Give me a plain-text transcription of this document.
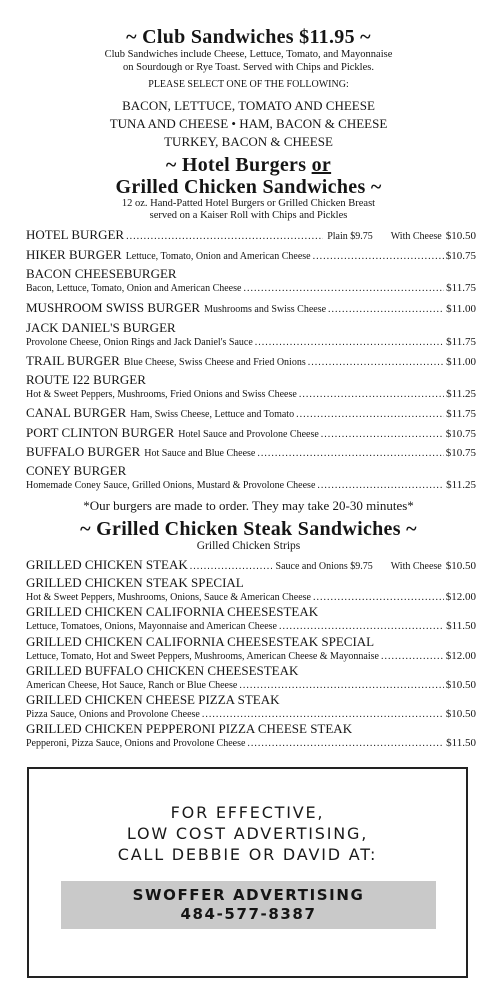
~ Club Sandwiches $11.95 ~
Club Sandwiches include Cheese, Lettuce, Tomato, and Mayonnaise
on Sourdough or Rye Toast. Served with Chips and Pickles.
PLEASE SELECT ONE OF THE FOLLOWING:
BACON, LETTUCE, TOMATO AND CHEESE
TUNA AND CHEESE • HAM, BACON & CHEESE
TURKEY, BACON & CHEESE
~ Hotel Burgers or
Grilled Chicken Sandwiches ~
12 oz. Hand-Patted Hotel Burgers or Grilled Chicken Breast
served on a Kaiser Roll with Chips and Pickles
HOTEL BURGER .....	Plain $9.75 With Cheese $10.50
HIKER BURGER Lettuce, Tomato, Onion and American Cheese .....	$10.75
BACON CHEESEBURGER
Bacon, Lettuce, Tomato, Onion and American Cheese .....	$11.75
MUSHROOM SWISS BURGER Mushrooms and Swiss Cheese .....	$11.00
JACK DANIEL'S BURGER
Provolone Cheese, Onion Rings and Jack Daniel's Sauce .....	$11.75
TRAIL BURGER Blue Cheese, Swiss Cheese and Fried Onions .....	$11.00
ROUTE I22 BURGER
Hot & Sweet Peppers, Mushrooms, Fried Onions and Swiss Cheese .....	$11.25
CANAL BURGER Ham, Swiss Cheese, Lettuce and Tomato .....	$11.75
PORT CLINTON BURGER Hotel Sauce and Provolone Cheese .....	$10.75
BUFFALO BURGER Hot Sauce and Blue Cheese .....	$10.75
CONEY BURGER
Homemade Coney Sauce, Grilled Onions, Mustard & Provolone Cheese .....	$11.25
*Our burgers are made to order. They may take 20-30 minutes*
~ Grilled Chicken Steak Sandwiches ~
Grilled Chicken Strips
GRILLED CHICKEN STEAK .....	Sauce and Onions $9.75 With Cheese $10.50
GRILLED CHICKEN STEAK SPECIAL
Hot & Sweet Peppers, Mushrooms, Onions, Sauce & American Cheese .....	$12.00
GRILLED CHICKEN CALIFORNIA CHEESESTEAK
Lettuce, Tomatoes, Onions, Mayonnaise and American Cheese .....	$11.50
GRILLED CHICKEN CALIFORNIA CHEESESTEAK SPECIAL
Lettuce, Tomato, Hot and Sweet Peppers, Mushrooms, American Cheese & Mayonnaise .....	$12.00
GRILLED BUFFALO CHICKEN CHEESESTEAK
American Cheese, Hot Sauce, Ranch or Blue Cheese .....	$10.50
GRILLED CHICKEN CHEESE PIZZA STEAK
Pizza Sauce, Onions and Provolone Cheese .....	$10.50
GRILLED CHICKEN PEPPERONI PIZZA CHEESE STEAK
Pepperoni, Pizza Sauce, Onions and Provolone Cheese .....	$11.50
FOR EFFECTIVE,
LOW COST ADVERTISING,
CALL DEBBIE OR DAVID AT:
SWOFFER ADVERTISING
484-577-8387
